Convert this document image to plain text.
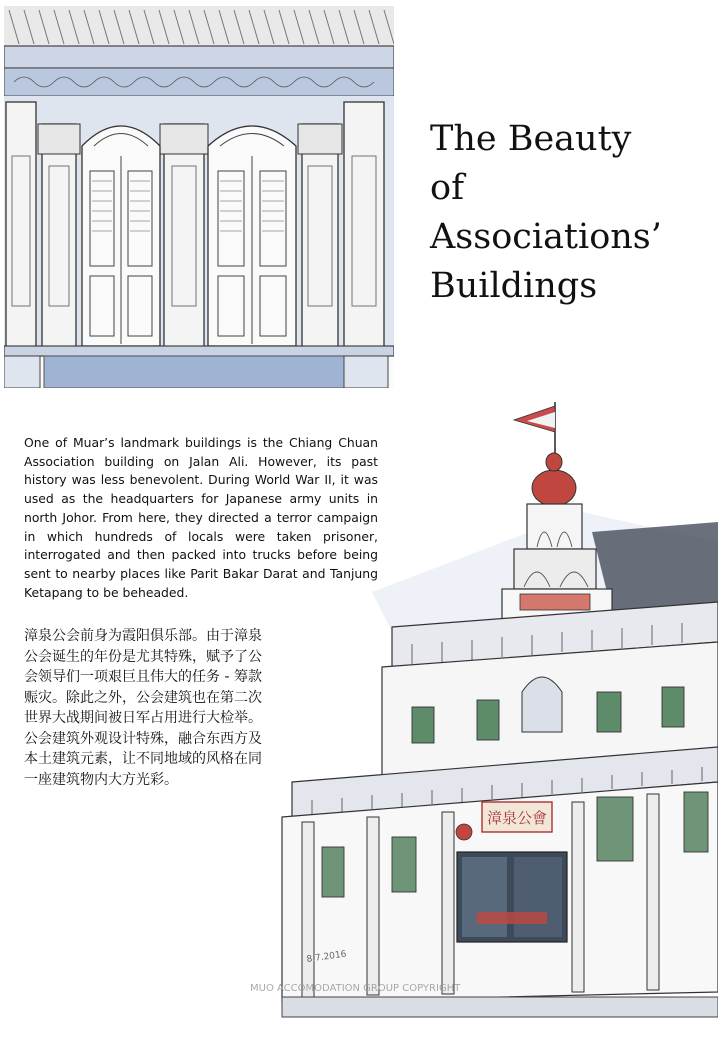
The Beauty
of
Associations’
Buildings
漳泉公會
8.7.2016

One of Muar’s landmark buildings is the Chiang Chuan Association building on Jalan Ali. However, its past history was less benevolent. During World War II, it was used as the headquarters for Japanese army units in north Johor. From here, they directed a terror campaign in which hundreds of locals were taken prisoner, interrogated and then packed into trucks before being sent to nearby places like Parit Bakar Darat and Tanjung Ketapang to be beheaded.

漳泉公会前身为霞阳俱乐部。由于漳泉公会诞生的年份是尤其特殊，赋予了公会领导们一项艰巨且伟大的任务 - 筹款赈灾。除此之外，公会建筑也在第二次世界大战期间被日军占用进行大检举。公会建筑外观设计特殊，融合东西方及本土建筑元素，让不同地域的风格在同一座建筑物内大方光彩。

MUO ACCOMODATION GROUP COPYRIGHT
